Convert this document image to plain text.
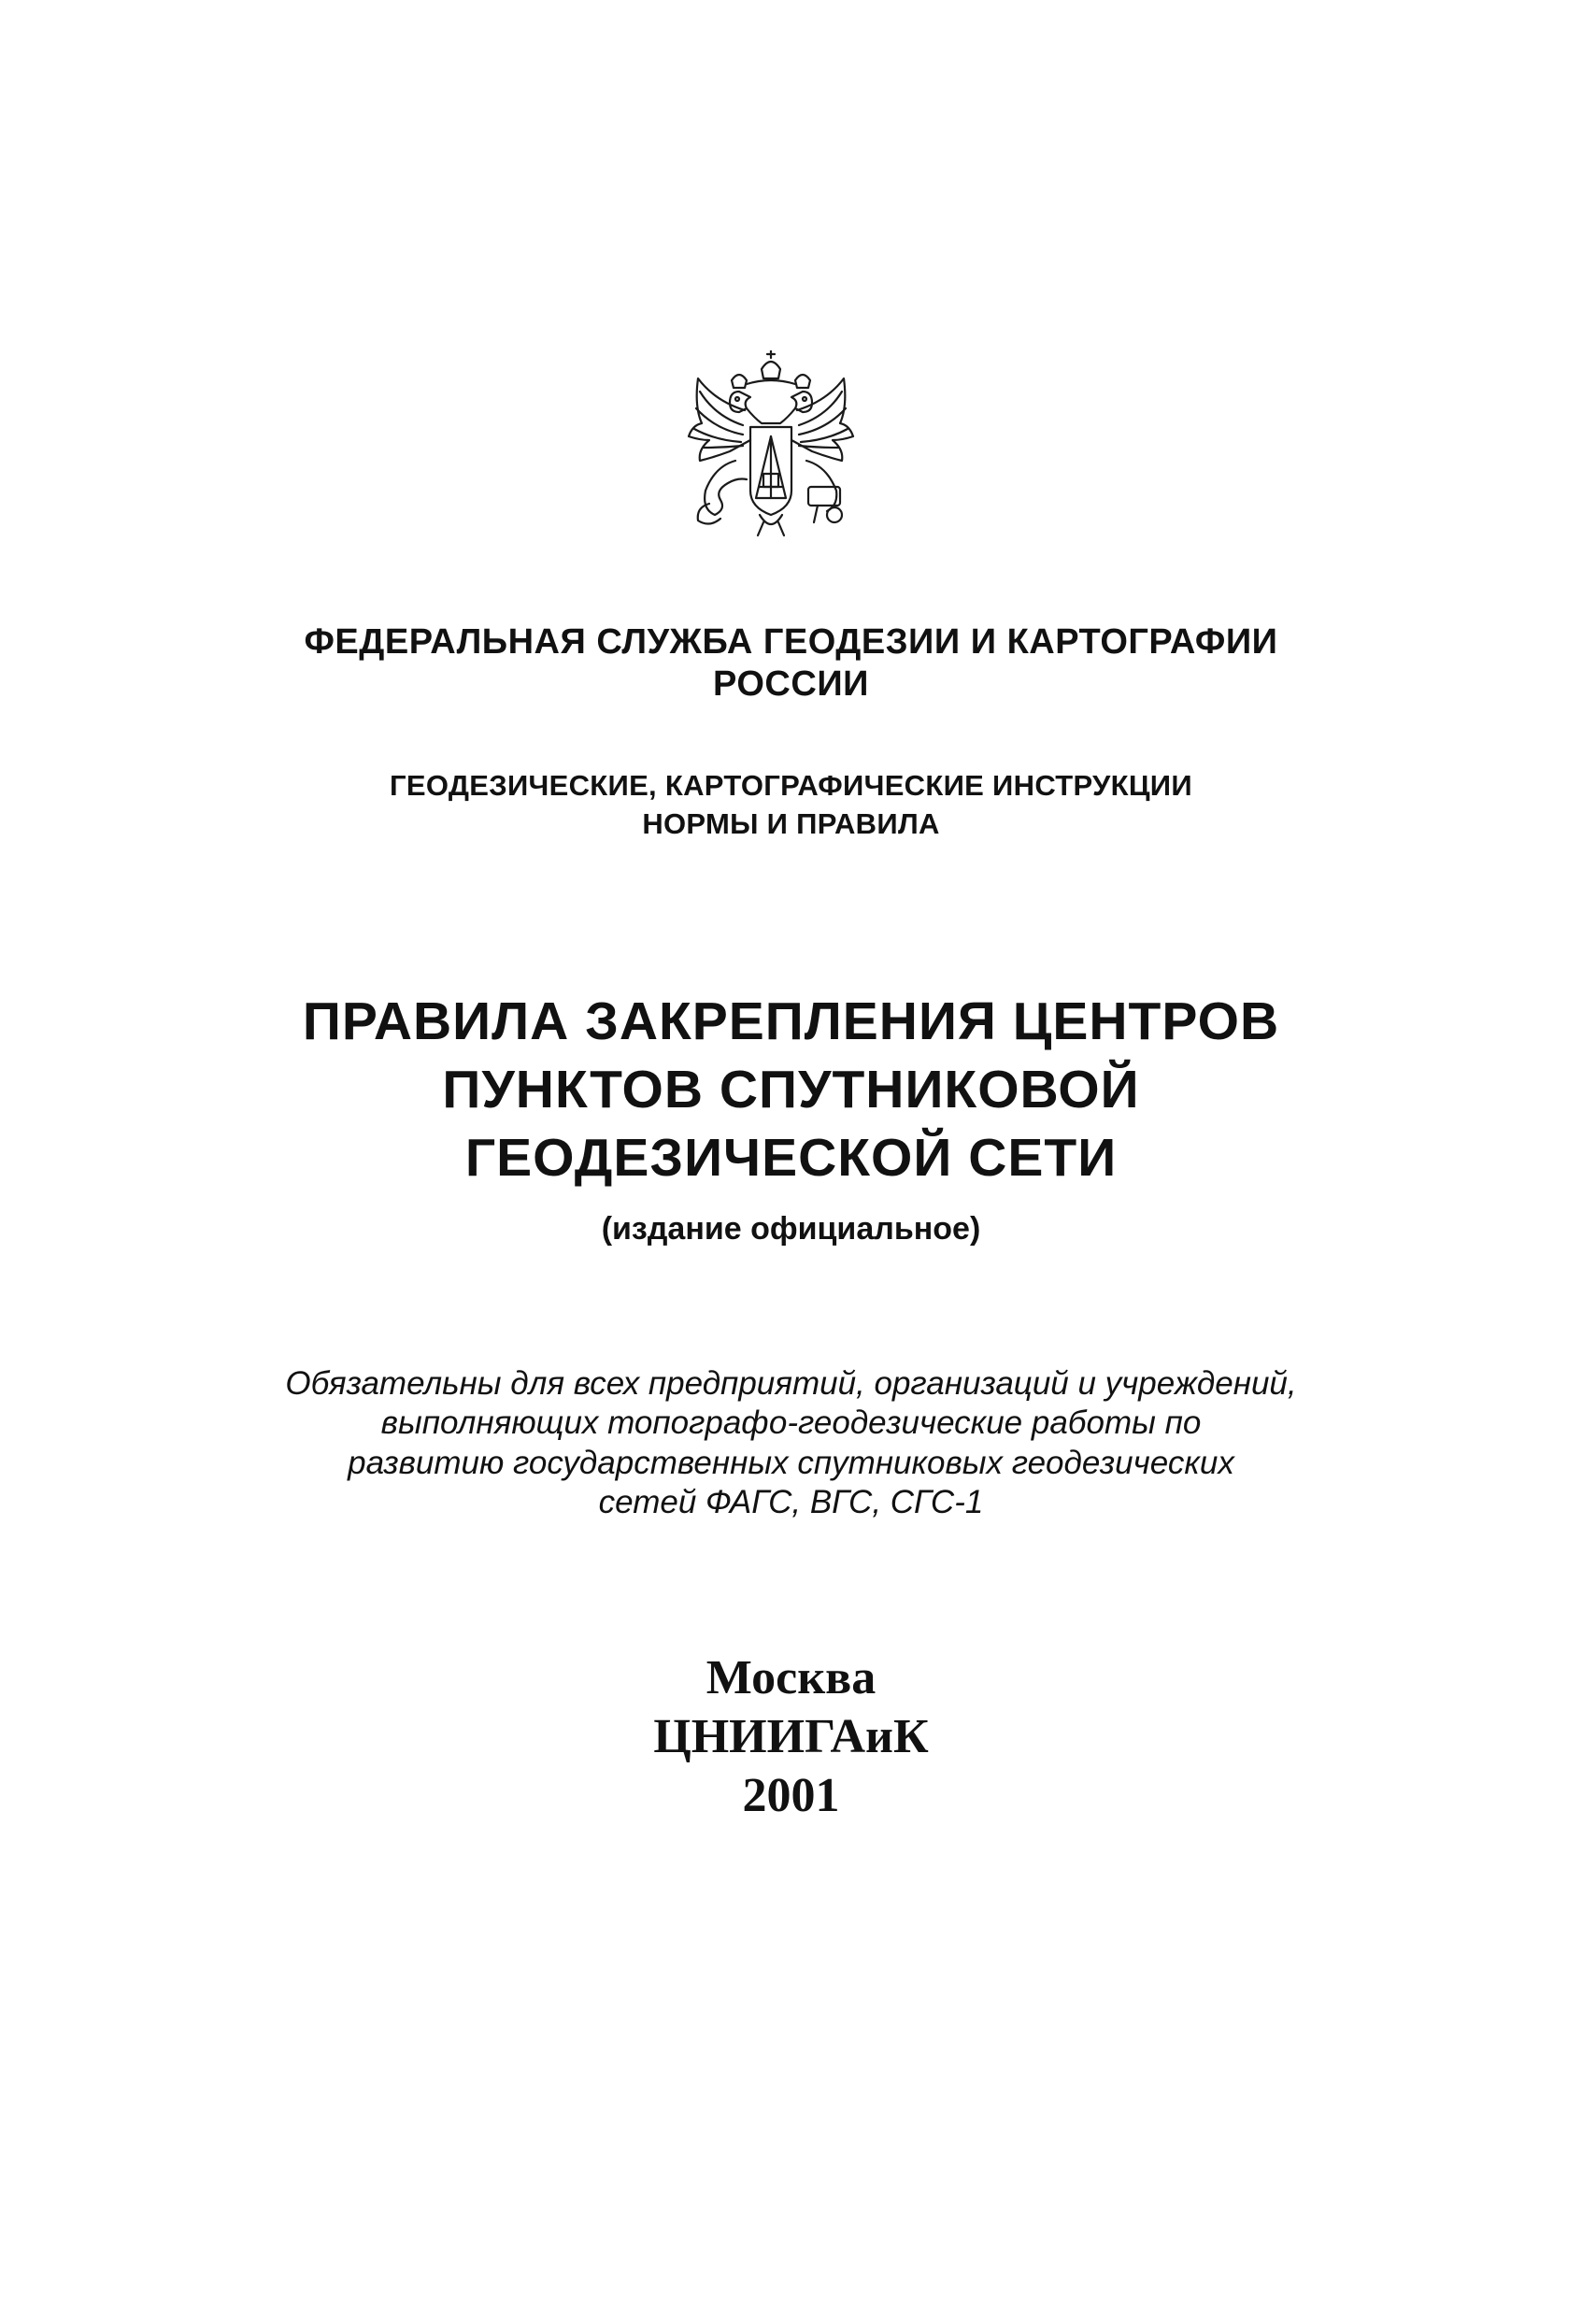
ФЕДЕРАЛЬНАЯ СЛУЖБА ГЕОДЕЗИИ И КАРТОГРАФИИ
РОССИИ
ГЕОДЕЗИЧЕСКИЕ, КАРТОГРАФИЧЕСКИЕ ИНСТРУКЦИИ
НОРМЫ И ПРАВИЛА
ПРАВИЛА ЗАКРЕПЛЕНИЯ ЦЕНТРОВ
ПУНКТОВ СПУТНИКОВОЙ
ГЕОДЕЗИЧЕСКОЙ СЕТИ
(издание официальное)
Обязательны для всех предприятий, организаций и учреждений,
выполняющих топографо-геодезические работы по
развитию государственных спутниковых геодезических
сетей ФАГС, ВГС, СГС-1
Москва
ЦНИИГАиК
2001
